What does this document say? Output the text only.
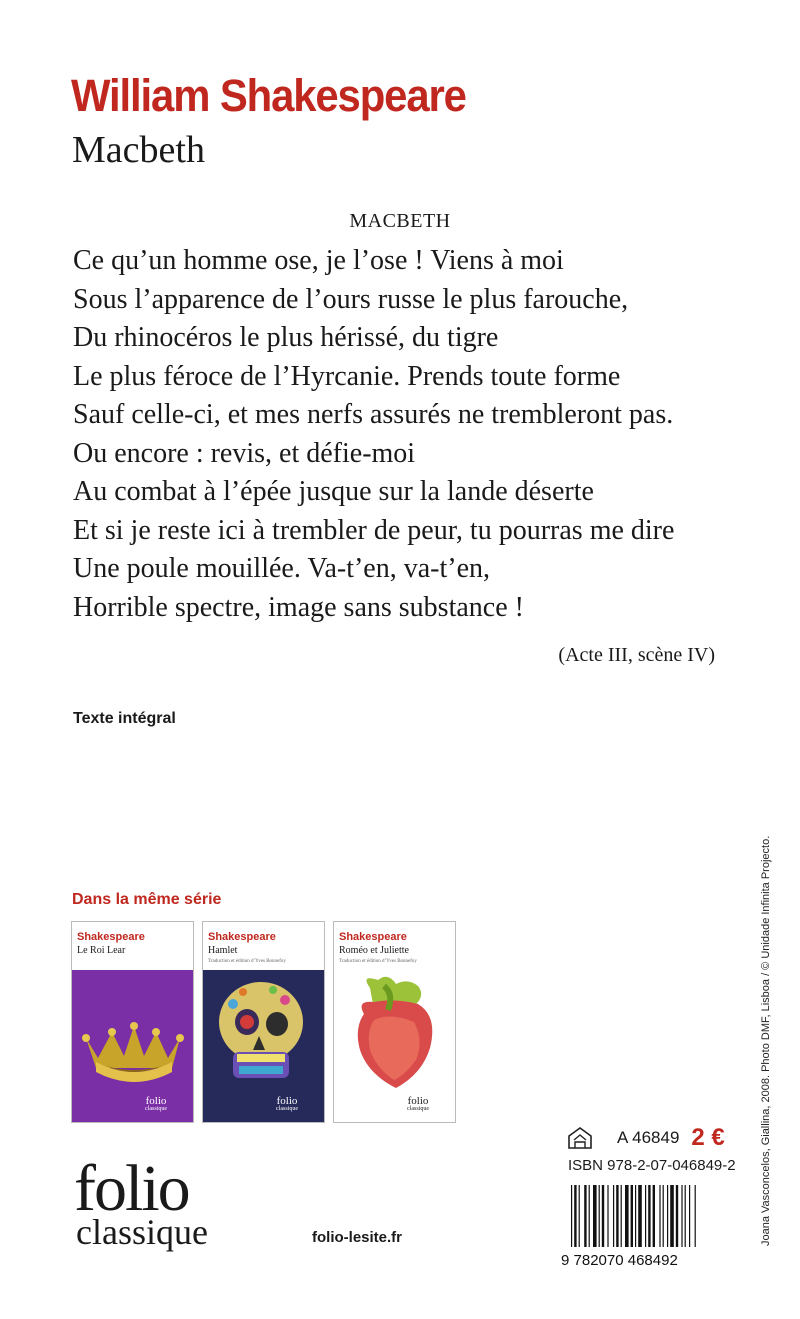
William Shakespeare
Macbeth
MACBETH
Ce qu’un homme ose, je l’ose ! Viens à moi
Sous l’apparence de l’ours russe le plus farouche,
Du rhinocéros le plus hérissé, du tigre
Le plus féroce de l’Hyrcanie. Prends toute forme
Sauf celle-ci, et mes nerfs assurés ne trembleront pas.
Ou encore : revis, et défie-moi
Au combat à l’épée jusque sur la lande déserte
Et si je reste ici à trembler de peur, tu pourras me dire
Une poule mouillée. Va-t’en, va-t’en,
Horrible spectre, image sans substance !
(Acte III, scène IV)
Texte intégral
Dans la même série
Shakespeare
Le Roi Lear
folio
classique
Shakespeare
Hamlet
Traduction et édition d’Yves Bonnefoy
folio
classique
Shakespeare
Roméo et Juliette
Traduction et édition d’Yves Bonnefoy
folio
classique
A 46849 2 €
ISBN 978-2-07-046849-2
9 782070 468492
folio
classique	folio-lesite.fr	Joana Vasconcelos, Giallina, 2008. Photo DMF, Lisboa / © Unidade Infinita Projecto.
